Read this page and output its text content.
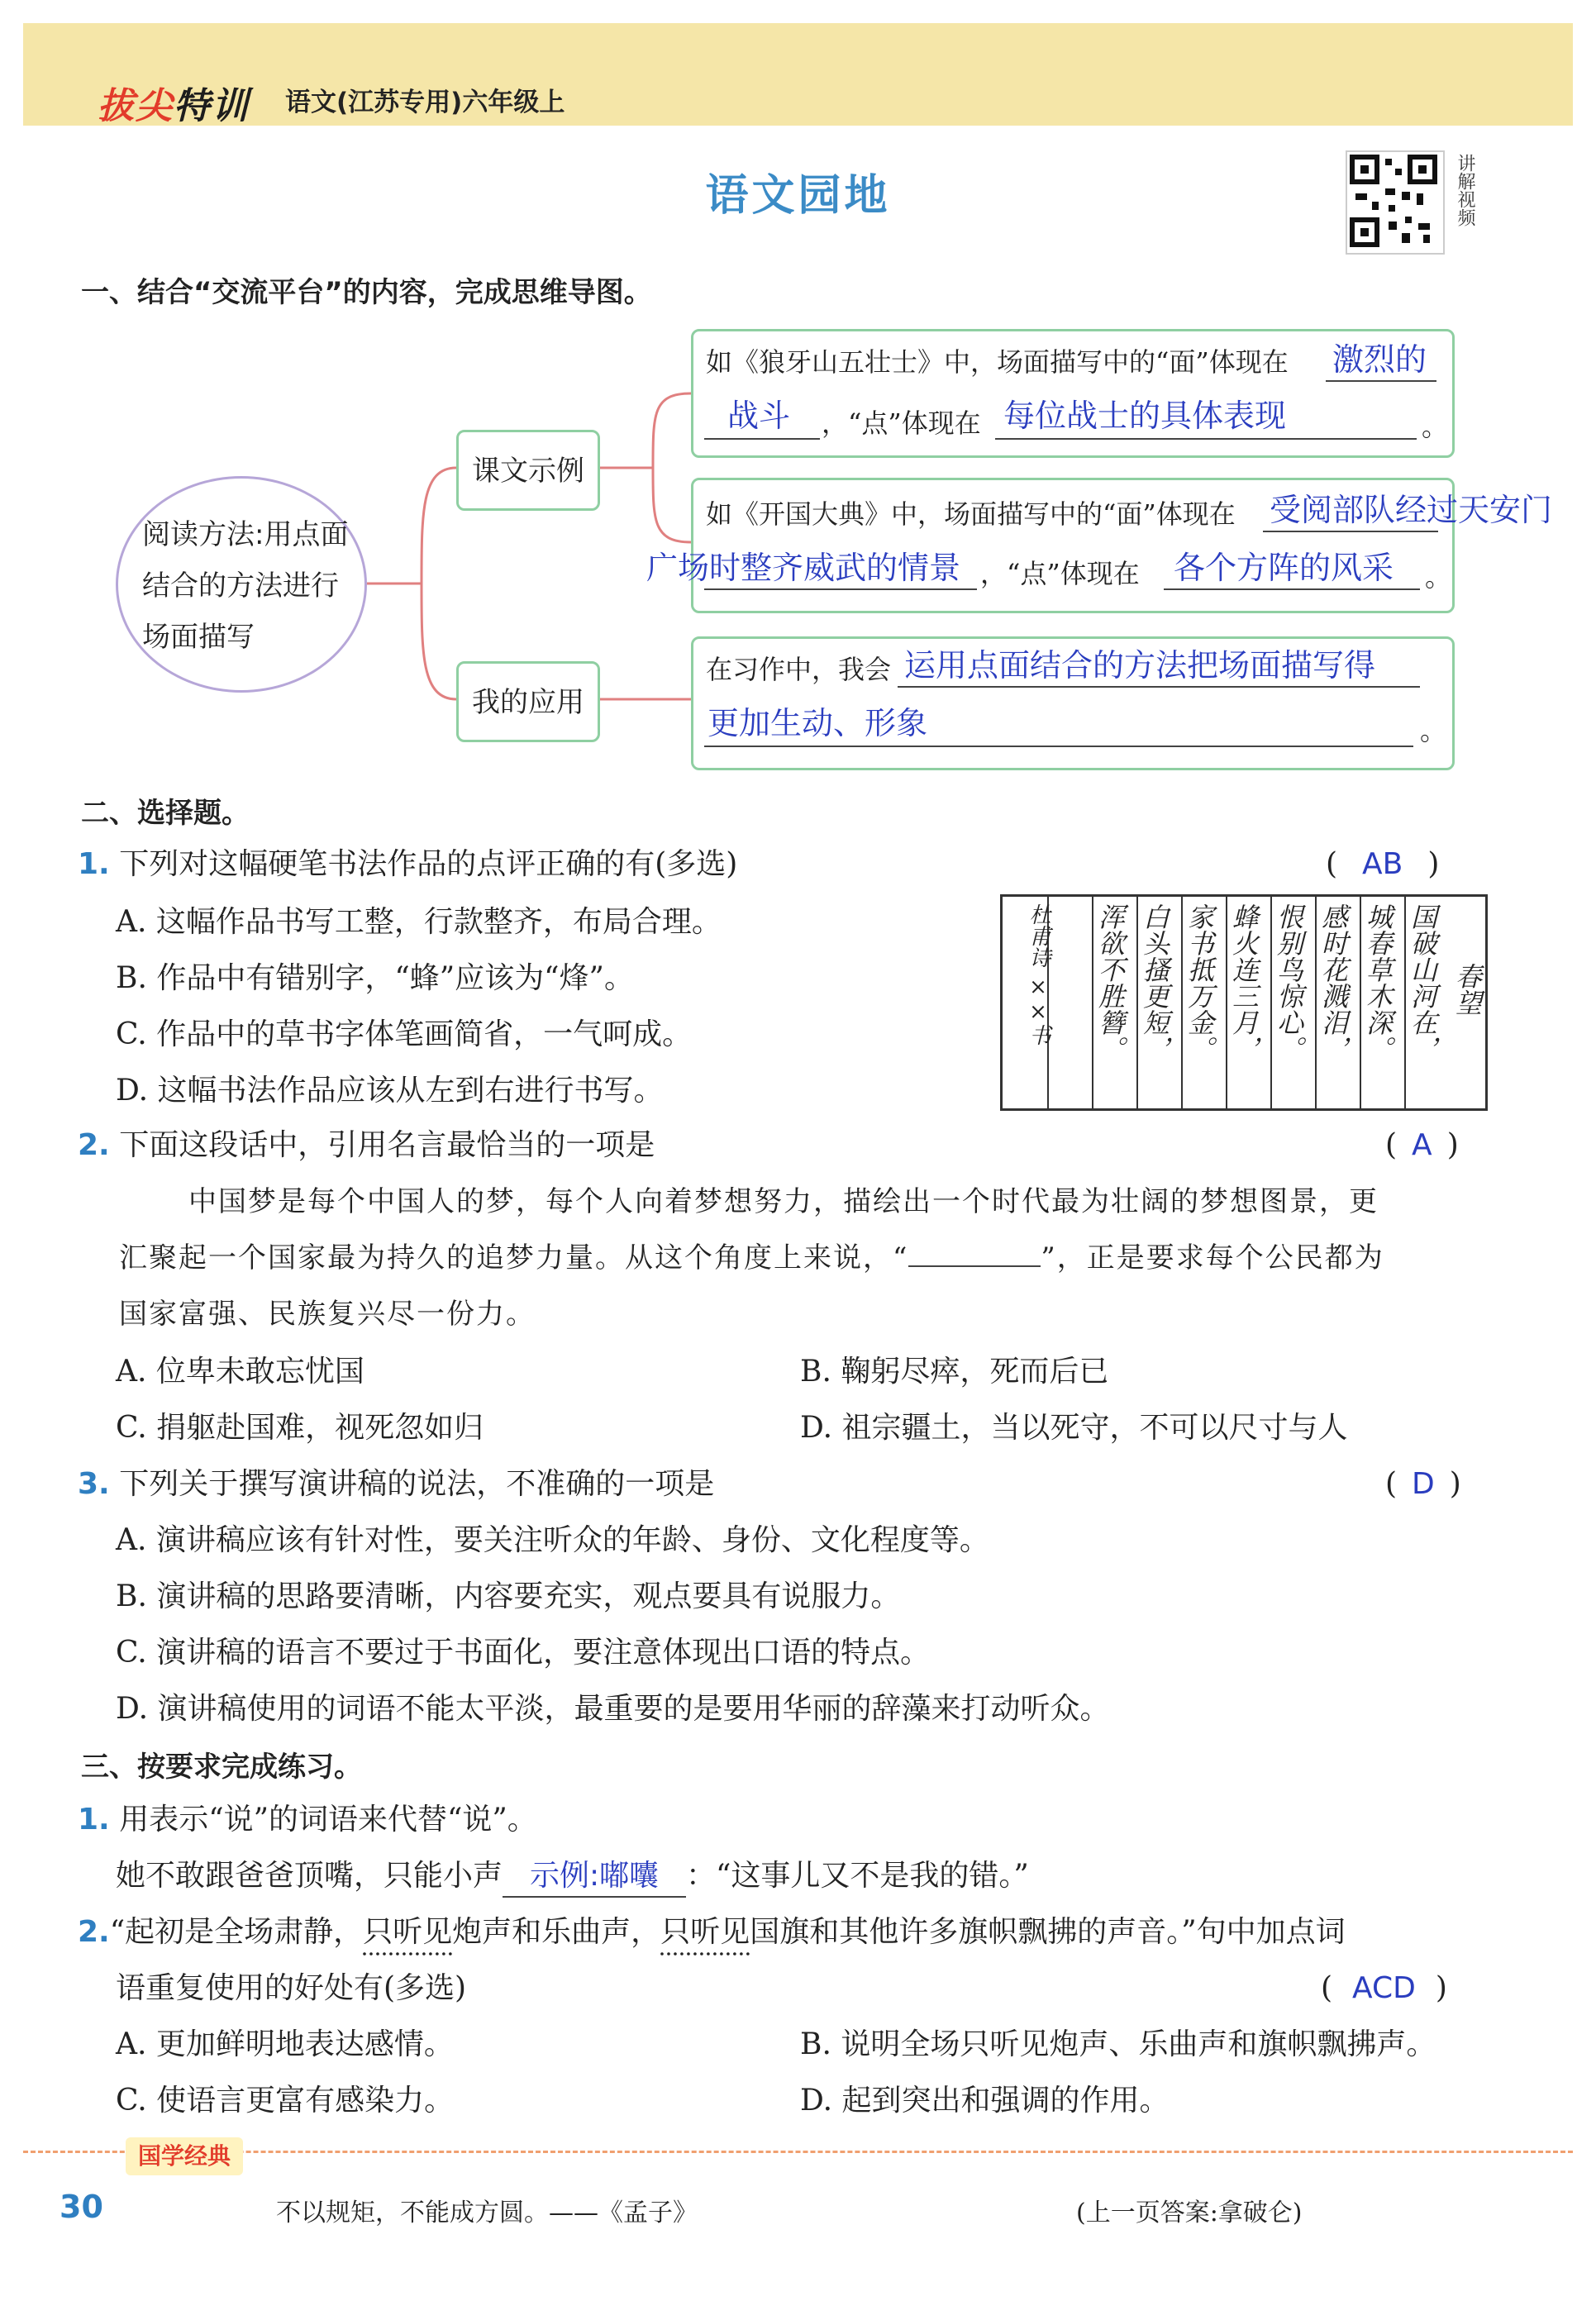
拔尖特训 语文(江苏专用)六年级上
语文园地	讲解视频
一、结合“交流平台”的内容，完成思维导图。
阅读方法:用点面结合的方法进行场面描写
课文示例
我的应用
如《狼牙山五壮士》中，场面描写中的“面”体现在 激烈的
战斗 ，“点”体现在 每位战士的具体表现	。
如《开国大典》中，场面描写中的“面”体现在 受阅部队经过天安门
广场时整齐威武的情景 ，“点”体现在 各个方阵的风采 。
在习作中，我会 运用点面结合的方法把场面描写得
更加生动、形象	。
二、选择题。
1. 下列对这幅硬笔书法作品的点评正确的有(多选)	( AB )
A. 这幅作品书写工整，行款整齐，布局合理。
B. 作品中有错别字，“蜂”应该为“烽”。
C. 作品中的草书字体笔画简省，一气呵成。
D. 这幅书法作品应该从左到右进行书写。
春望
国破山河在，
城春草木深。
感时花溅泪，
恨别鸟惊心。
蜂火连三月，
家书抵万金。
白头搔更短，
浑欲不胜簪。
杜甫诗 ××书
2. 下面这段话中，引用名言最恰当的一项是	( A )
中国梦是每个中国人的梦，每个人向着梦想努力，描绘出一个时代最为壮阔的梦想图景，更
汇聚起一个国家最为持久的追梦力量。从这个角度上来说，“	”，正是要求每个公民都为
国家富强、民族复兴尽一份力。
A. 位卑未敢忘忧国	B. 鞠躬尽瘁，死而后已
C. 捐躯赴国难，视死忽如归	D. 祖宗疆土，当以死守，不可以尺寸与人
3. 下列关于撰写演讲稿的说法，不准确的一项是	( D )
A. 演讲稿应该有针对性，要关注听众的年龄、身份、文化程度等。
B. 演讲稿的思路要清晰，内容要充实，观点要具有说服力。
C. 演讲稿的语言不要过于书面化，要注意体现出口语的特点。
D. 演讲稿使用的词语不能太平淡，最重要的是要用华丽的辞藻来打动听众。
三、按要求完成练习。
1. 用表示“说”的词语来代替“说”。
她不敢跟爸爸顶嘴，只能小声 示例:嘟囔 ：“这事儿又不是我的错。”
2.“起初是全场肃静，只听见炮声和乐曲声，只听见国旗和其他许多旗帜飘拂的声音。”句中加点词
语重复使用的好处有(多选)	( ACD )
A. 更加鲜明地表达感情。	B. 说明全场只听见炮声、乐曲声和旗帜飘拂声。
C. 使语言更富有感染力。	D. 起到突出和强调的作用。
国学经典
30	不以规矩，不能成方圆。——《孟子》	(上一页答案:拿破仑)
